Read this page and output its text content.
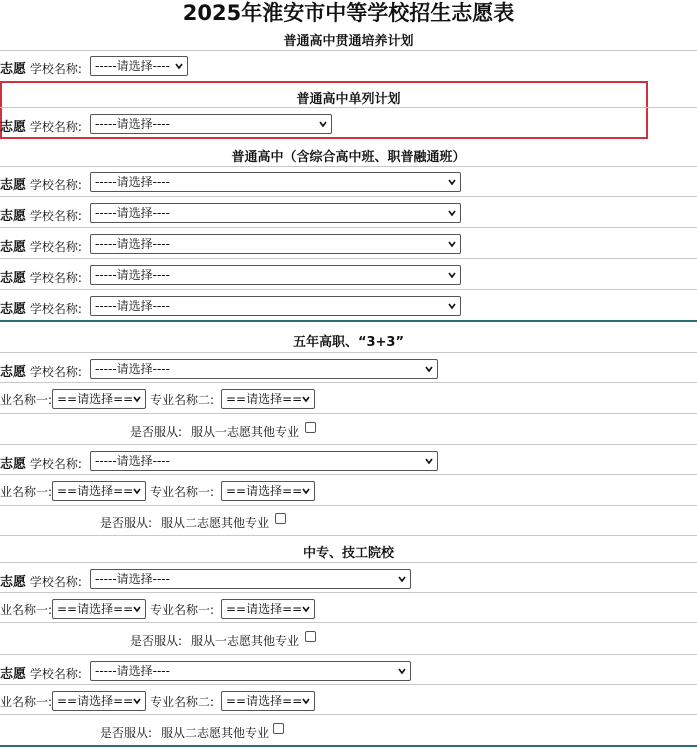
2025年淮安市中等学校招生志愿表
普通高中贯通培养计划
志愿 学校名称:	-----请选择----
普通高中单列计划
志愿 学校名称:	-----请选择----
普通高中（含综合高中班、职普融通班）
志愿 学校名称:	-----请选择----
志愿 学校名称:	-----请选择----
志愿 学校名称:	-----请选择----
志愿 学校名称:	-----请选择----
志愿 学校名称:	-----请选择----
五年高职、“3+3”
志愿 学校名称:	-----请选择----
业名称一: ==请选择==	专业名称二: ==请选择==
是否服从: 服从一志愿其他专业
志愿 学校名称:	-----请选择----
业名称一: ==请选择==	专业名称一: ==请选择==
是否服从: 服从二志愿其他专业
中专、技工院校
志愿 学校名称:	-----请选择----
业名称一: ==请选择==	专业名称一: ==请选择==
是否服从: 服从一志愿其他专业
志愿 学校名称:	-----请选择----
业名称一: ==请选择==	专业名称二: ==请选择==
是否服从: 服从二志愿其他专业
